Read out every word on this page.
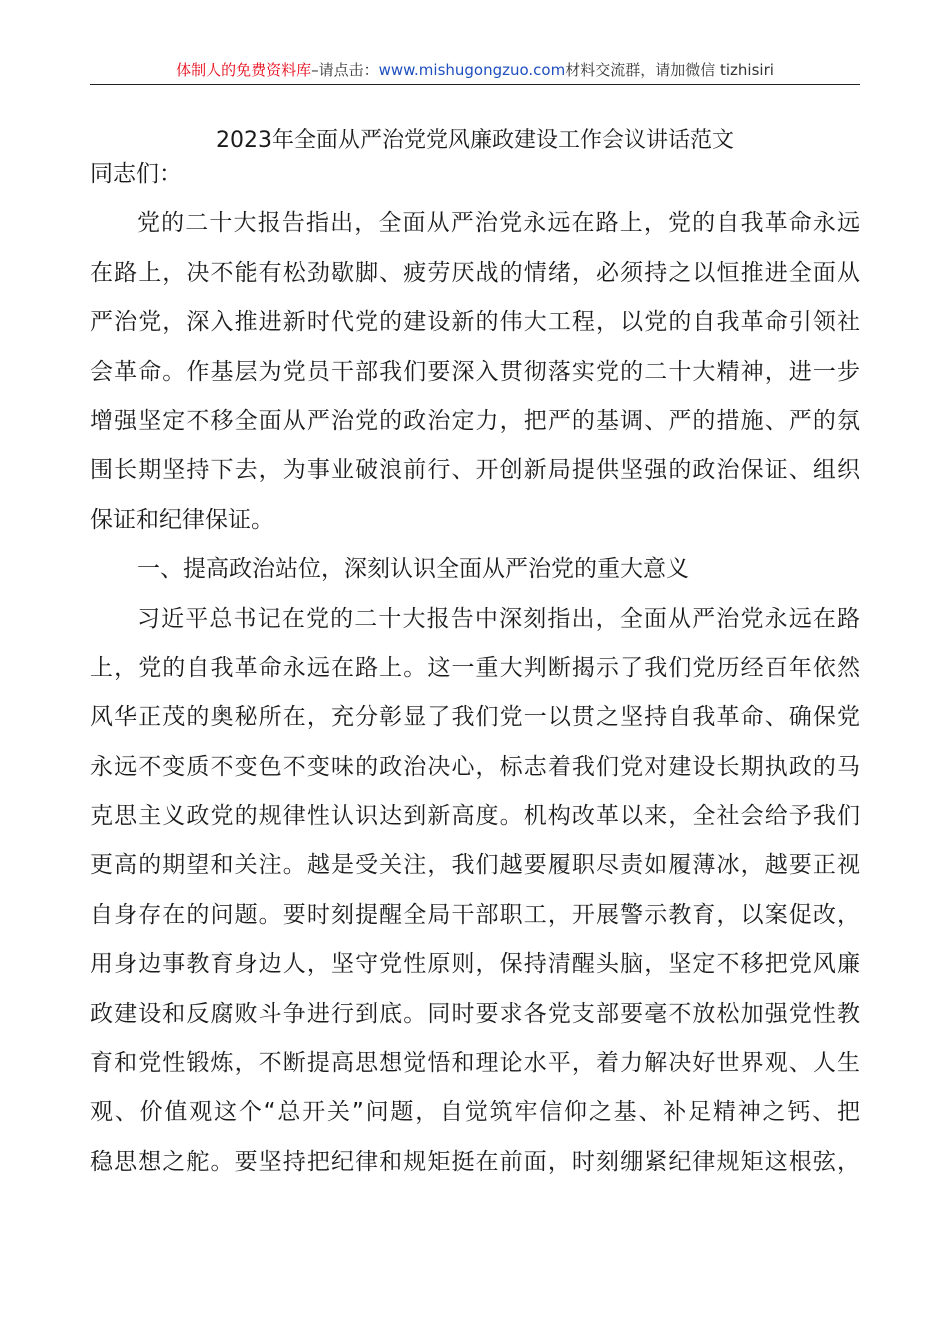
体制人的免费资料库–请点击：www.mishugongzuo.com材料交流群，请加微信 tizhisiri
2023年全面从严治党党风廉政建设工作会议讲话范文
同志们：
党的二十大报告指出，全面从严治党永远在路上，党的自我革命永远
在路上，决不能有松劲歇脚、疲劳厌战的情绪，必须持之以恒推进全面从
严治党，深入推进新时代党的建设新的伟大工程，以党的自我革命引领社
会革命。作基层为党员干部我们要深入贯彻落实党的二十大精神，进一步
增强坚定不移全面从严治党的政治定力，把严的基调、严的措施、严的氛
围长期坚持下去，为事业破浪前行、开创新局提供坚强的政治保证、组织
保证和纪律保证。
一、提高政治站位，深刻认识全面从严治党的重大意义
习近平总书记在党的二十大报告中深刻指出，全面从严治党永远在路
上，党的自我革命永远在路上。这一重大判断揭示了我们党历经百年依然
风华正茂的奥秘所在，充分彰显了我们党一以贯之坚持自我革命、确保党
永远不变质不变色不变味的政治决心，标志着我们党对建设长期执政的马
克思主义政党的规律性认识达到新高度。机构改革以来，全社会给予我们
更高的期望和关注。越是受关注，我们越要履职尽责如履薄冰，越要正视
自身存在的问题。要时刻提醒全局干部职工，开展警示教育，以案促改，
用身边事教育身边人，坚守党性原则，保持清醒头脑，坚定不移把党风廉
政建设和反腐败斗争进行到底。同时要求各党支部要毫不放松加强党性教
育和党性锻炼，不断提高思想觉悟和理论水平，着力解决好世界观、人生
观、价值观这个“总开关”问题，自觉筑牢信仰之基、补足精神之钙、把
稳思想之舵。要坚持把纪律和规矩挺在前面，时刻绷紧纪律规矩这根弦，
